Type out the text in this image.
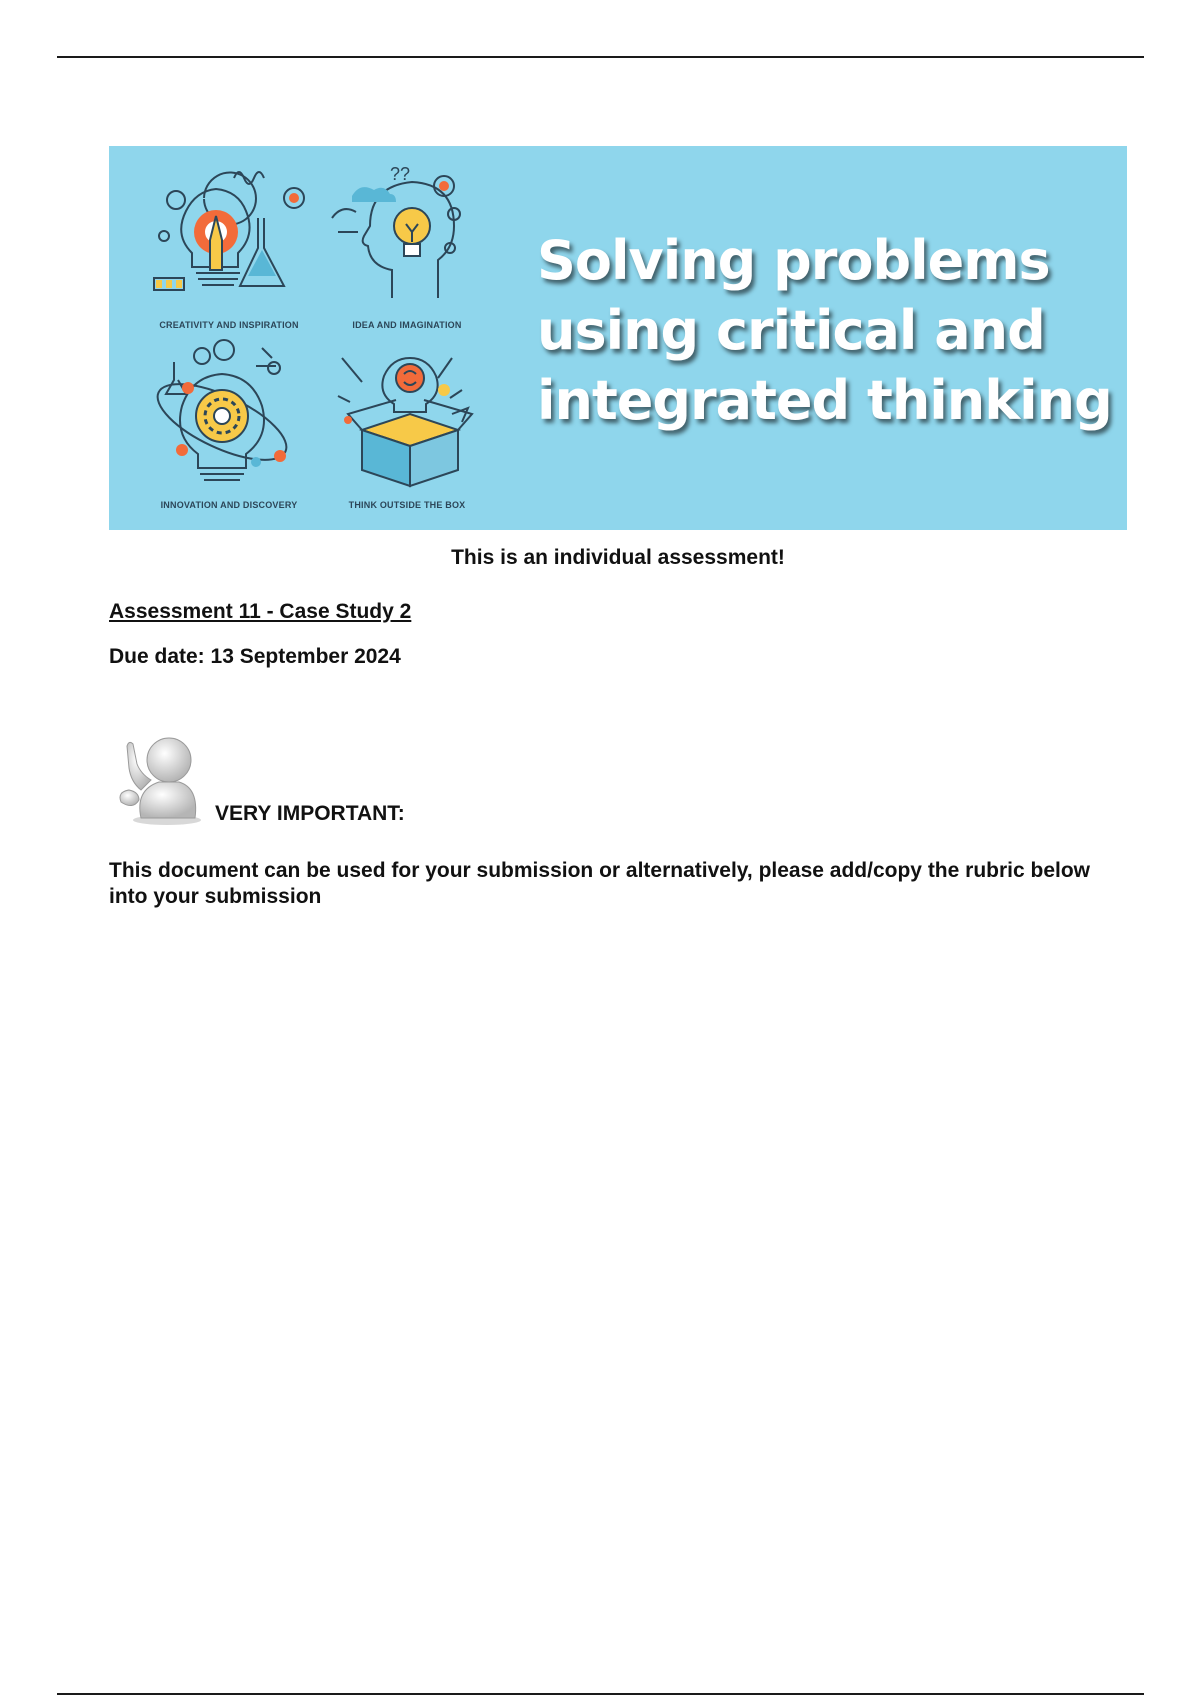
CREATIVITY AND INSPIRATION
??
IDEA AND IMAGINATION
INNOVATION AND DISCOVERY	THINK OUTSIDE THE BOX
Solving problems
using critical and
integrated thinking
This is an individual assessment!
Assessment 11 - Case Study 2
Due date: 13 September 2024
VERY IMPORTANT:
This document can be used for your submission or alternatively, please add/copy the rubric below into your submission
